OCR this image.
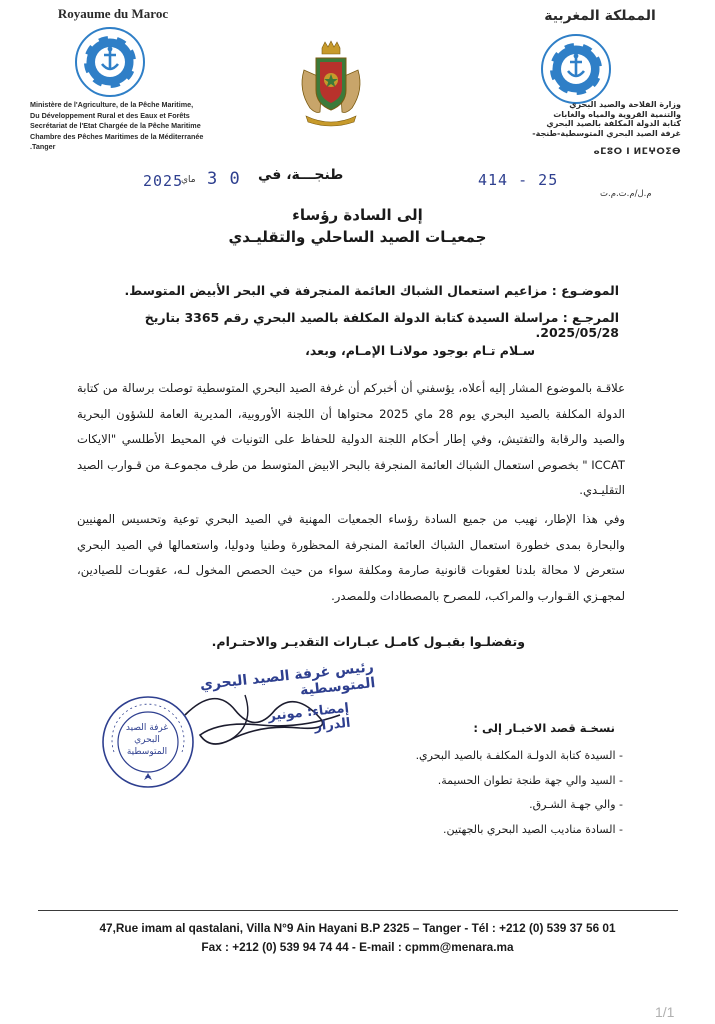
Royaume du Maroc
Ministère de l'Agriculture, de la Pêche Maritime,
Du Développement Rural et des Eaux et Forêts
Secrétariat de l'Etat Chargée de la Pêche Maritime
Chambre des Pêches Maritimes de la Méditerranée
.Tanger
المملكة المغربية
وزارة الفلاحة والصيد البحري
والتنمية القروية والمياه والغابات
كتابة الدولة المكلفة بالصيد البحري
غرفة الصيد البحري المتوسطية-طنجة-
ⴰⵎⵓⵔ ⵏ ⵍⵎⵖⵔⵉⴱ
2025
ماي 3 0 طنجـــة، في	414 - 25
م.ل/م.ت.م.ت
إلى السادة رؤساء
جمعيـات الصيد الساحلي والتقليـدي
الموضـوع : مزاعيم استعمال الشباك العائمة المنجرفة في البحر الأبيض المتوسط.
المرجـع : مراسلة السيدة كتابة الدولة المكلفة بالصيد البحري رقم 3365 بتاريخ 2025/05/28.
سـلام تـام بوجود مولانـا الإمـام، وبعد،
علاقـة بالموضوع المشار إليه أعلاه، يؤسفني أن أخبركم أن غرفة الصيد البحري المتوسطية توصلت برسالة من كتابة الدولة المكلفة بالصيد البحري يوم 28 ماي 2025 محتواها أن اللجنة الأوروبية، المديرية العامة للشؤون البحرية والصيد والرقابة والتفتيش، وفي إطار أحكام اللجنة الدولية للحفاظ على التونيات في المحيط الأطلسي "الايكات ICCAT " بخصوص استعمال الشباك العائمة المنجرفة بالبحر الابيض المتوسط من طرف مجموعـة من قـوارب الصيد التقليـدي.
وفي هذا الإطار، نهيب من جميع السادة رؤساء الجمعيات المهنية في الصيد البحري توعية وتحسيس المهنيين والبحارة بمدى خطورة استعمال الشباك العائمة المنجرفة المحظورة وطنيا ودوليا، واستعمالها في الصيد البحري ستعرض لا محالة بلدنا لعقوبات قانونية صارمة ومكلفة سواء من حيث الحصص المخول لـه، عقوبـات للصيادين، لمجهـزي القـوارب والمراكب، للمصرح بالمصطادات وللمصدر.
وتفضلـوا بقبـول كامـل عبـارات التقديـر والاحتـرام.
غرفة الصيد البحري المتوسطية
رئيس غرفة الصيد البحري المتوسطية
إمضاء: مونير الدرار	نسخـة قصد الاخبـار إلى :
- السيدة كتابة الدولـة المكلفـة بالصيد البحري.
- السيد والي جهة طنجة تطوان الحسيمة.
- والي جهـة الشـرق.
- السادة مناديب الصيد البحري بالجهتين.
47,Rue imam al qastalani, Villa N°9 Ain Hayani B.P 2325 – Tanger - Tél : +212 (0) 539 37 56 01
Fax : +212 (0) 539 94 74 44 - E-mail : cpmm@menara.ma
1/1
